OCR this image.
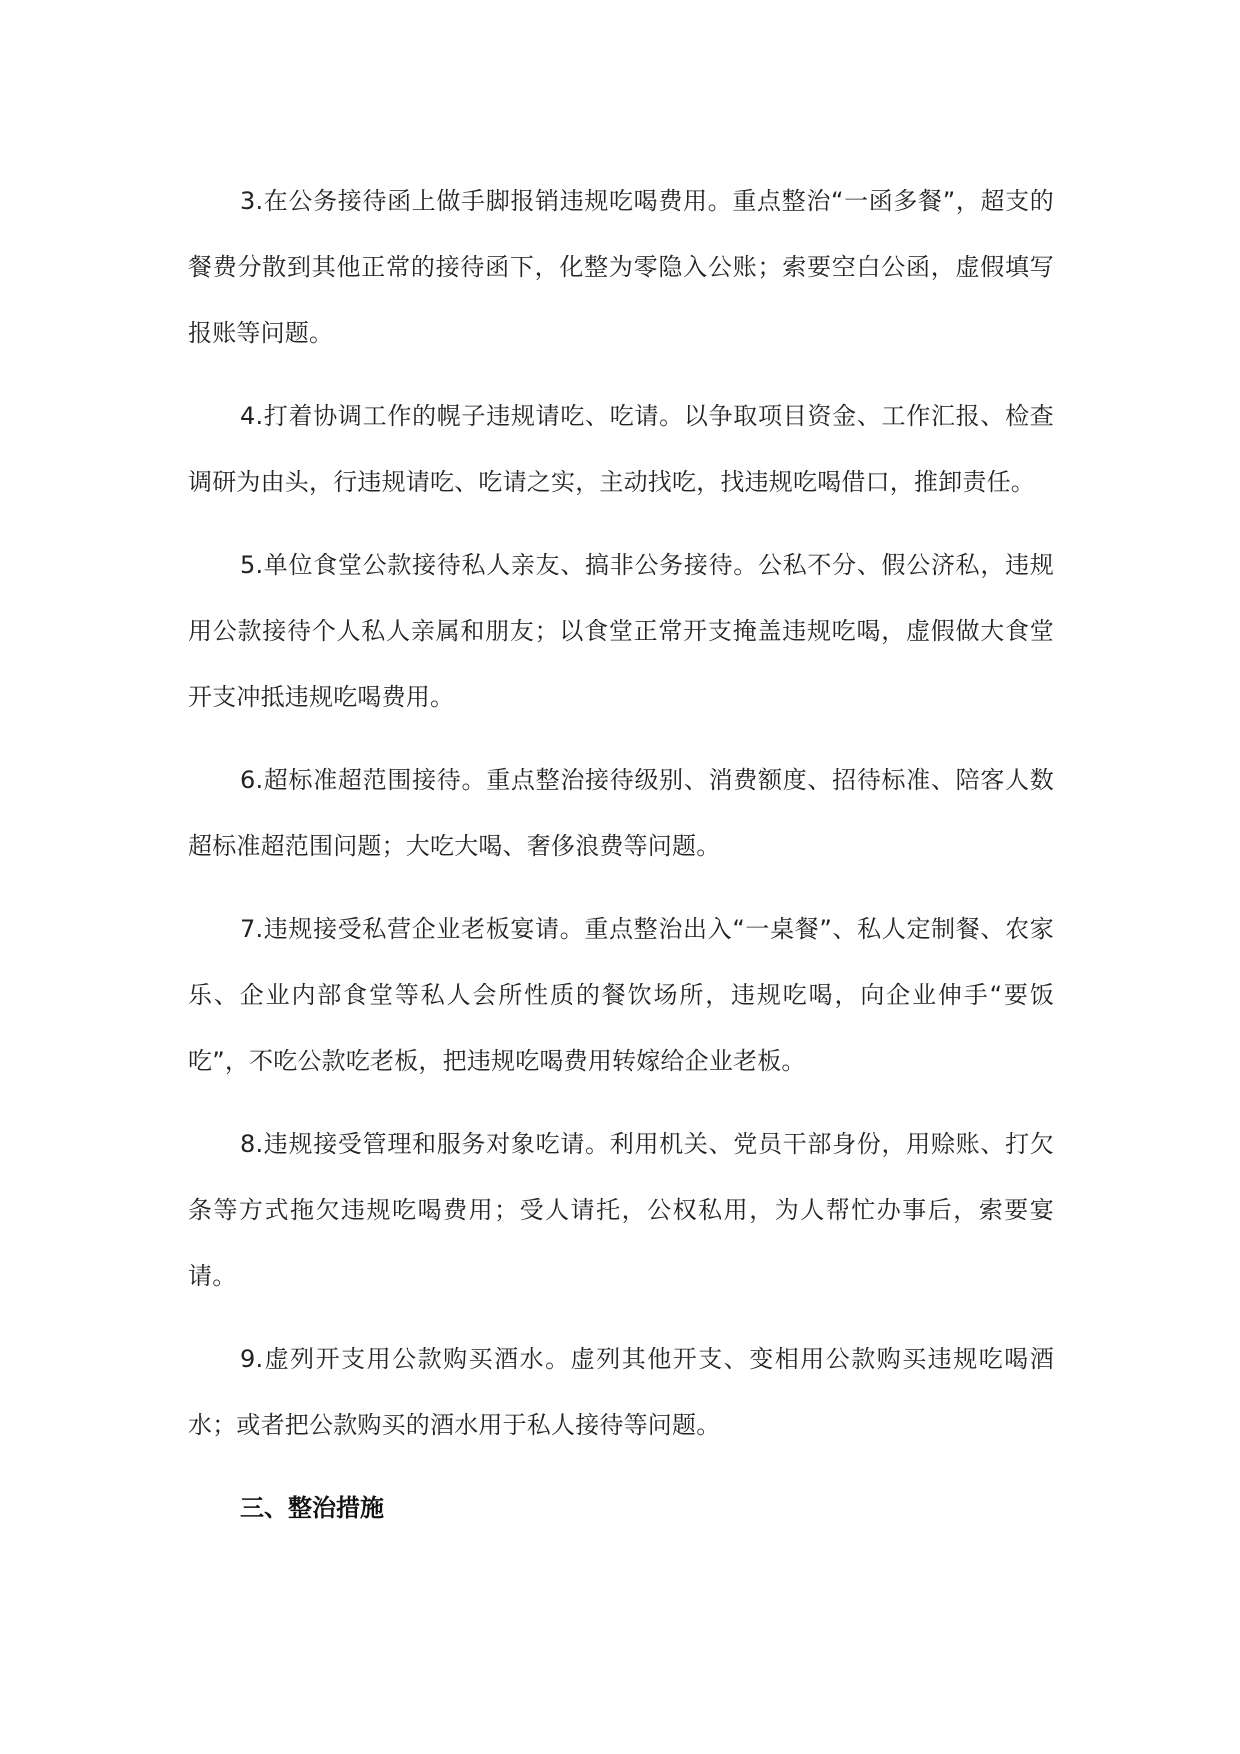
3.在公务接待函上做手脚报销违规吃喝费用。重点整治“一函多餐”，超支的餐费分散到其他正常的接待函下，化整为零隐入公账；索要空白公函，虚假填写报账等问题。

4.打着协调工作的幌子违规请吃、吃请。以争取项目资金、工作汇报、检查调研为由头，行违规请吃、吃请之实，主动找吃，找违规吃喝借口，推卸责任。

5.单位食堂公款接待私人亲友、搞非公务接待。公私不分、假公济私，违规用公款接待个人私人亲属和朋友；以食堂正常开支掩盖违规吃喝，虚假做大食堂开支冲抵违规吃喝费用。

6.超标准超范围接待。重点整治接待级别、消费额度、招待标准、陪客人数超标准超范围问题；大吃大喝、奢侈浪费等问题。

7.违规接受私营企业老板宴请。重点整治出入“一桌餐”、私人定制餐、农家乐、企业内部食堂等私人会所性质的餐饮场所，违规吃喝，向企业伸手“要饭吃”，不吃公款吃老板，把违规吃喝费用转嫁给企业老板。

8.违规接受管理和服务对象吃请。利用机关、党员干部身份，用赊账、打欠条等方式拖欠违规吃喝费用；受人请托，公权私用，为人帮忙办事后，索要宴请。

9.虚列开支用公款购买酒水。虚列其他开支、变相用公款购买违规吃喝酒水；或者把公款购买的酒水用于私人接待等问题。

三、整治措施
